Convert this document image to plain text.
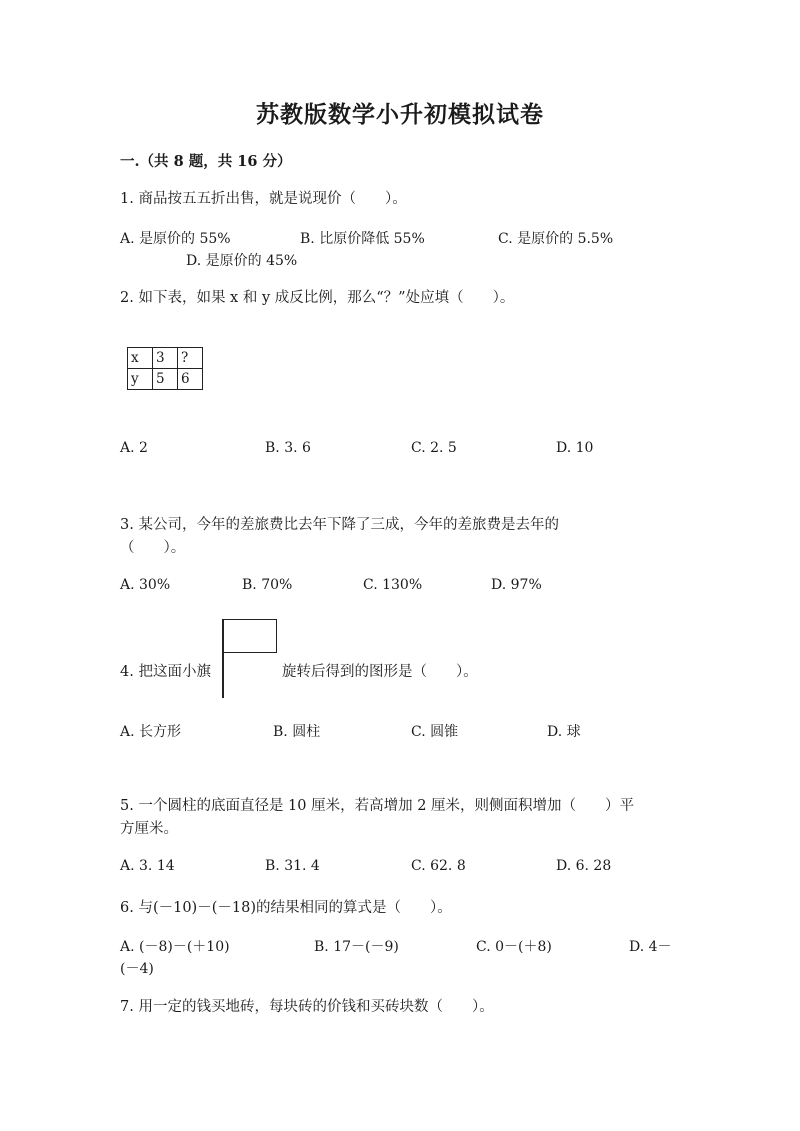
苏教版数学小升初模拟试卷
一.（共 8 题，共 16 分）
1. 商品按五五折出售，就是说现价（　　）。
A. 是原价的 55%	B. 比原价降低 55%	C. 是原价的 5.5%
D. 是原价的 45%
2. 如下表，如果 x 和 y 成反比例，那么“？”处应填（　　）。
x	3	?
y	5	6
A. 2	B. 3. 6	C. 2. 5	D. 10
3. 某公司，今年的差旅费比去年下降了三成，今年的差旅费是去年的
（　　）。
A. 30%	B. 70%	C. 130%	D. 97%
4. 把这面小旗	旋转后得到的图形是（　　）。
A. 长方形	B. 圆柱	C. 圆锥	D. 球
5. 一个圆柱的底面直径是 10 厘米，若高增加 2 厘米，则侧面积增加（　　）平
方厘米。
A. 3. 14	B. 31. 4	C. 62. 8	D. 6. 28
6. 与(－10)－(－18)的结果相同的算式是（　　）。
A. (－8)－(＋10)	B. 17－(－9)	C. 0－(＋8)	D. 4－
(－4)
7. 用一定的钱买地砖，每块砖的价钱和买砖块数（　　）。
